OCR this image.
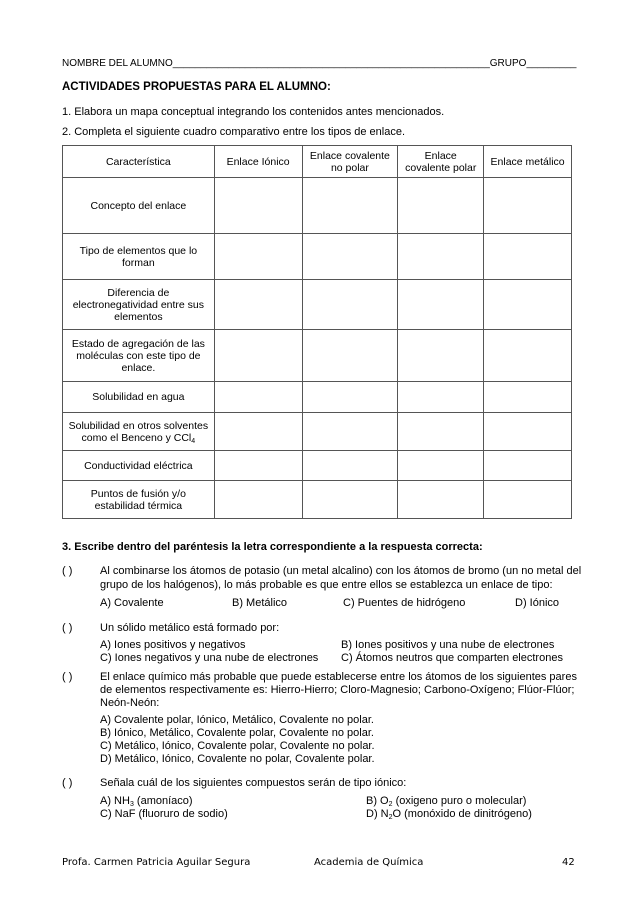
NOMBRE DEL ALUMNO_________________________________________________________GRUPO_________
ACTIVIDADES PROPUESTAS PARA EL ALUMNO:
1. Elabora un mapa conceptual integrando los contenidos antes mencionados.
2. Completa el siguiente cuadro comparativo entre los tipos de enlace.
Característica	Enlace Iónico	Enlace covalente no polar	Enlace covalente polar	Enlace metálico
Concepto del enlace				
Tipo de elementos que lo forman				
Diferencia de electronegatividad entre sus elementos				
Estado de agregación de las moléculas con este tipo de enlace.				
Solubilidad en agua				
Solubilidad en otros solventes como el Benceno y CCl$_4$				
Conductividad eléctrica				
Puntos de fusión y/o estabilidad térmica				
3. Escribe dentro del paréntesis la letra correspondiente a la respuesta correcta:
( )	Al combinarse los átomos de potasio (un metal alcalino) con los átomos de bromo (un no metal del
grupo de los halógenos), lo más probable es que entre ellos se establezca un enlace de tipo:
A) Covalente	B) Metálico	C) Puentes de hidrógeno	D) Iónico
( )	Un sólido metálico está formado por:
A) Iones positivos y negativos	B) Iones positivos y una nube de electrones
C) Iones negativos y una nube de electrones C) Átomos neutros que comparten electrones
( )	El enlace químico más probable que puede establecerse entre los átomos de los siguientes pares
de elementos respectivamente es: Hierro-Hierro; Cloro-Magnesio; Carbono-Oxígeno; Flúor-Flúor;
Neón-Neón:
A) Covalente polar, Iónico, Metálico, Covalente no polar.
B) Iónico, Metálico, Covalente polar, Covalente no polar.
C) Metálico, Iónico, Covalente polar, Covalente no polar.
D) Metálico, Iónico, Covalente no polar, Covalente polar.
( )	Señala cuál de los siguientes compuestos serán de tipo iónico:
A) $NH_3$ (amoníaco)	B) $O_2$ (oxigeno puro o molecular)
C) NaF (fluoruro de sodio)	D) $N_2O$ (monóxido de dinitrógeno)
Profa. Carmen Patricia Aguilar Segura	Academia de Química	42
